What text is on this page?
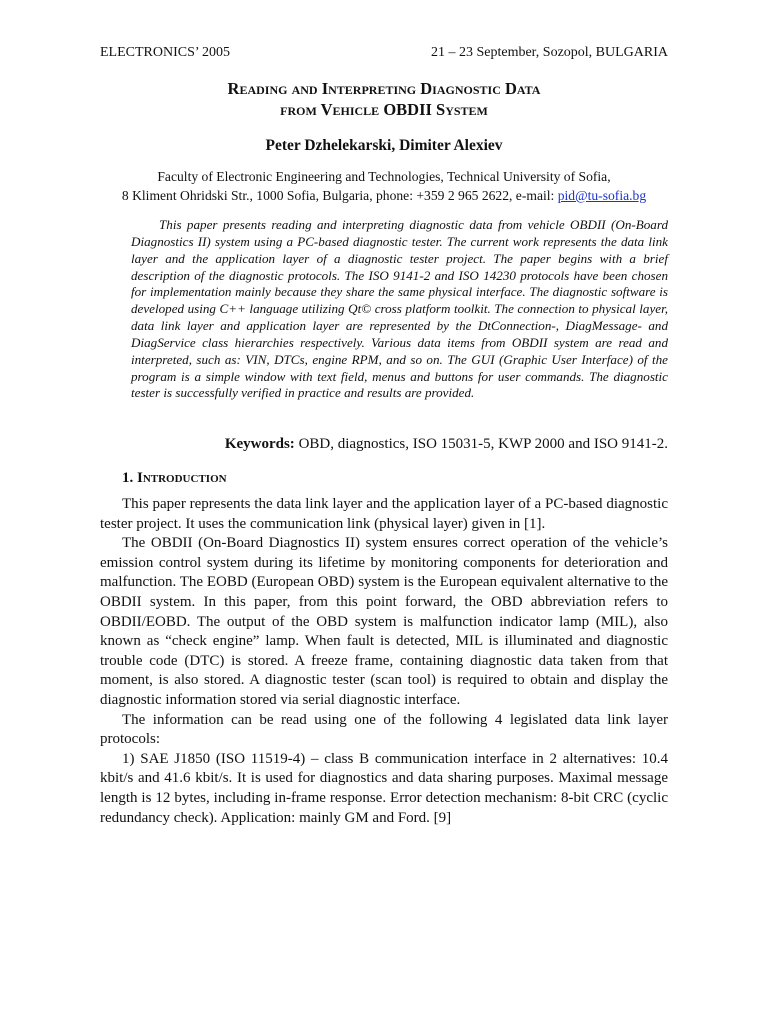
ELECTRONICS’ 2005	21 – 23 September, Sozopol, BULGARIA
Reading and Interpreting Diagnostic Data
from Vehicle OBDII System
Peter Dzhelekarski, Dimiter Alexiev
Faculty of Electronic Engineering and Technologies, Technical University of Sofia,
8 Kliment Ohridski Str., 1000 Sofia, Bulgaria, phone: +359 2 965 2622, e-mail: pid@tu-sofia.bg

This paper presents reading and interpreting diagnostic data from vehicle OBDII (On-Board Diagnostics II) system using a PC-based diagnostic tester. The current work represents the data link layer and the application layer of a diagnostic tester project. The paper begins with a brief description of the diagnostic protocols. The ISO 9141-2 and ISO 14230 protocols have been chosen for implementation mainly because they share the same physical interface. The diagnostic software is developed using C++ language utilizing Qt© cross platform toolkit. The connection to physical layer, data link layer and application layer are represented by the DtConnection-, DiagMessage- and DiagService class hierarchies respectively. Various data items from OBDII system are read and interpreted, such as: VIN, DTCs, engine RPM, and so on. The GUI (Graphic User Interface) of the program is a simple window with text field, menus and buttons for user commands. The diagnostic tester is successfully verified in practice and results are provided.

Keywords: OBD, diagnostics, ISO 15031-5, KWP 2000 and ISO 9141-2.

1. Introduction

This paper represents the data link layer and the application layer of a PC-based diagnostic tester project. It uses the communication link (physical layer) given in [1].

The OBDII (On-Board Diagnostics II) system ensures correct operation of the vehicle’s emission control system during its lifetime by monitoring components for deterioration and malfunction. The EOBD (European OBD) system is the European equivalent alternative to the OBDII system. In this paper, from this point forward, the OBD abbreviation refers to OBDII/EOBD. The output of the OBD system is malfunction indicator lamp (MIL), also known as “check engine” lamp. When fault is detected, MIL is illuminated and diagnostic trouble code (DTC) is stored. A freeze frame, containing diagnostic data taken from that moment, is also stored. A diagnostic tester (scan tool) is required to obtain and display the diagnostic information stored via serial diagnostic interface.

The information can be read using one of the following 4 legislated data link layer protocols:

1) SAE J1850 (ISO 11519-4) – class B communication interface in 2 alternatives: 10.4 kbit/s and 41.6 kbit/s. It is used for diagnostics and data sharing purposes. Maximal message length is 12 bytes, including in-frame response. Error detection mechanism: 8-bit CRC (cyclic redundancy check). Application: mainly GM and Ford. [9]
